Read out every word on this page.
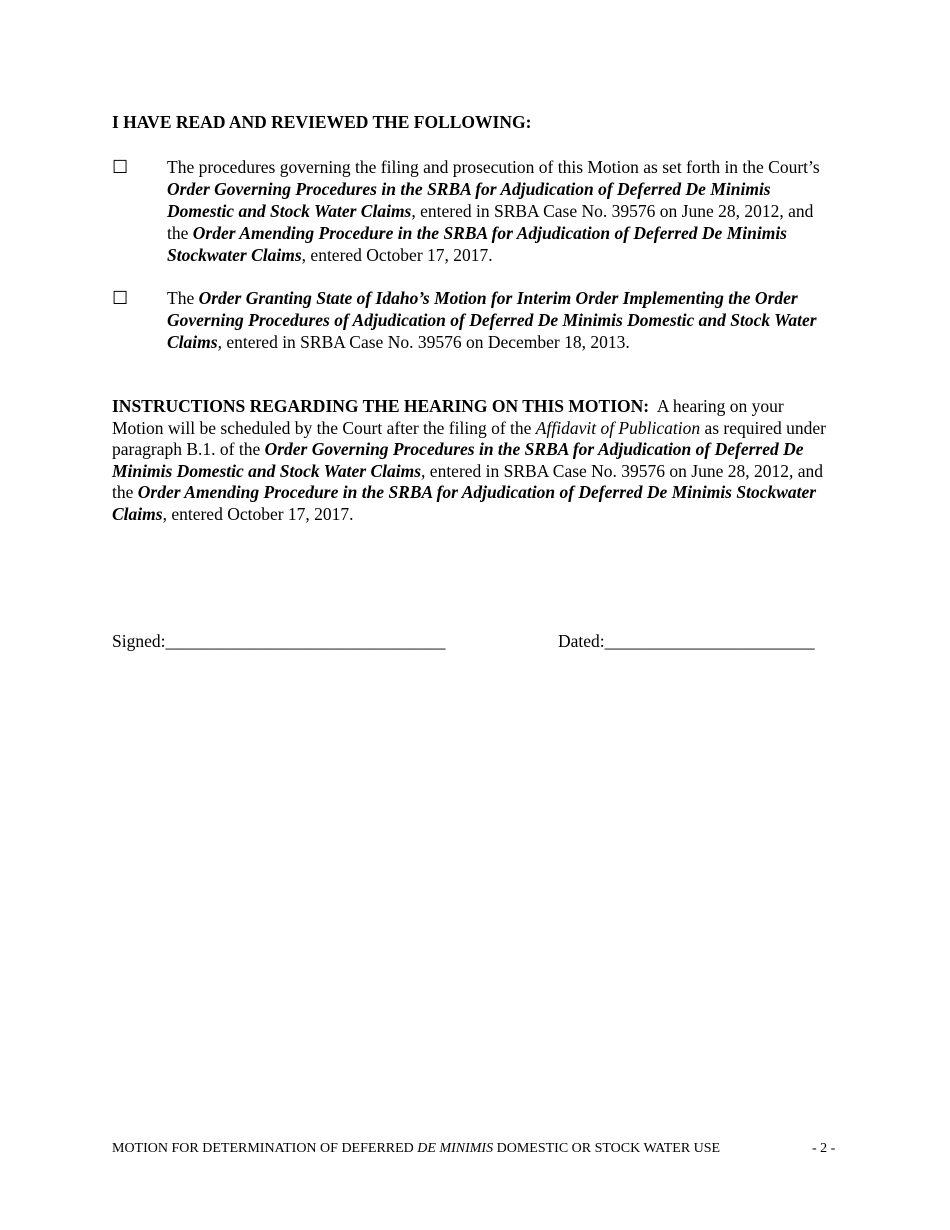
I HAVE READ AND REVIEWED THE FOLLOWING:
☐ The procedures governing the filing and prosecution of this Motion as set forth in the Court’s Order Governing Procedures in the SRBA for Adjudication of Deferred De Minimis Domestic and Stock Water Claims, entered in SRBA Case No. 39576 on June 28, 2012, and the Order Amending Procedure in the SRBA for Adjudication of Deferred De Minimis Stockwater Claims, entered October 17, 2017.
☐ The Order Granting State of Idaho’s Motion for Interim Order Implementing the Order Governing Procedures of Adjudication of Deferred De Minimis Domestic and Stock Water Claims, entered in SRBA Case No. 39576 on December 18, 2013.
INSTRUCTIONS REGARDING THE HEARING ON THIS MOTION:  A hearing on your Motion will be scheduled by the Court after the filing of the Affidavit of Publication as required under paragraph B.1. of the Order Governing Procedures in the SRBA for Adjudication of Deferred De Minimis Domestic and Stock Water Claims, entered in SRBA Case No. 39576 on June 28, 2012, and the Order Amending Procedure in the SRBA for Adjudication of Deferred De Minimis Stockwater Claims, entered October 17, 2017.
Signed:________________________________	Dated:________________________
MOTION FOR DETERMINATION OF DEFERRED DE MINIMIS DOMESTIC OR STOCK WATER USE	- 2 -
